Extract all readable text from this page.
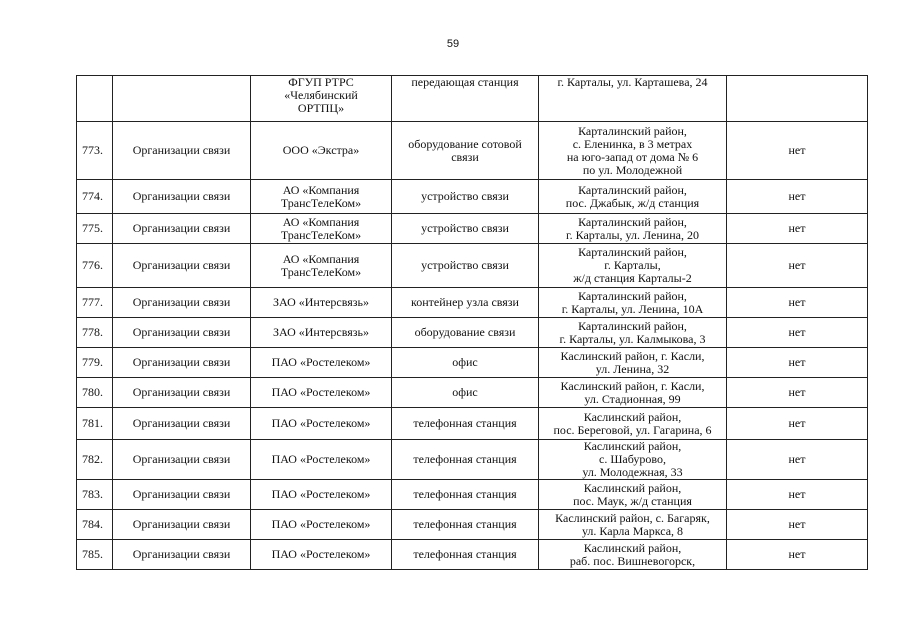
59

		ФГУП РТРС
«Челябинский
ОРТПЦ»	передающая станция	г. Карталы, ул. Карташева, 24	

773.	Организации связи	ООО «Экстра»	оборудование сотовой
связи	Карталинский район,
с. Еленинка, в 3 метрах
на юго-запад от дома № 6
по ул. Молодежной	нет
774.	Организации связи	АО «Компания
ТрансТелеКом»	устройство связи	Карталинский район,
пос. Джабык, ж/д станция	нет
775.	Организации связи	АО «Компания
ТрансТелеКом»	устройство связи	Карталинский район,
г. Карталы, ул. Ленина, 20	нет
776.	Организации связи	АО «Компания
ТрансТелеКом»	устройство связи	Карталинский район,
г. Карталы,
ж/д станция Карталы-2	нет
777.	Организации связи	ЗАО «Интерсвязь»	контейнер узла связи	Карталинский район,
г. Карталы, ул. Ленина, 10А	нет
778.	Организации связи	ЗАО «Интерсвязь»	оборудование связи	Карталинский район,
г. Карталы, ул. Калмыкова, 3	нет
779.	Организации связи	ПАО «Ростелеком»	офис	Каслинский район, г. Касли,
ул. Ленина, 32	нет
780.	Организации связи	ПАО «Ростелеком»	офис	Каслинский район, г. Касли,
ул. Стадионная, 99	нет
781.	Организации связи	ПАО «Ростелеком»	телефонная станция	Каслинский район,
пос. Береговой, ул. Гагарина, 6	нет
782.	Организации связи	ПАО «Ростелеком»	телефонная станция	Каслинский район,
с. Шабурово,
ул. Молодежная, 33	нет
783.	Организации связи	ПАО «Ростелеком»	телефонная станция	Каслинский район,
пос. Маук, ж/д станция	нет
784.	Организации связи	ПАО «Ростелеком»	телефонная станция	Каслинский район, с. Багаряк,
ул. Карла Маркса, 8	нет
785.	Организации связи	ПАО «Ростелеком»	телефонная станция	Каслинский район,
раб. пос. Вишневогорск,	нет
